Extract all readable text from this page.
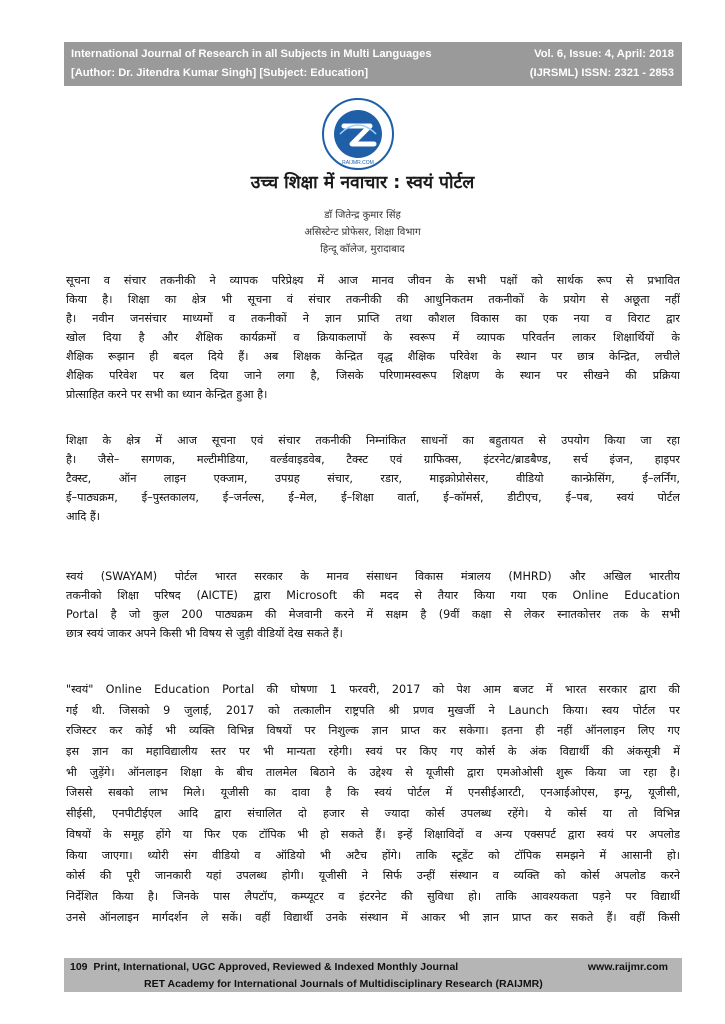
International Journal of Research in all Subjects in Multi Languages
[Author: Dr. Jitendra Kumar Singh] [Subject: Education]
Vol. 6, Issue: 4, April: 2018
(IJRSML) ISSN: 2321 - 2853
RAIJMR.COM
उच्च शिक्षा में नवाचार : स्वयं पोर्टल
डाॅ जितेन्द्र कुमार सिंह
असिस्टेन्ट प्रोफेसर, शिक्षा विभाग
हिन्दू कॉलेज, मुरादाबाद
सूचना व संचार तकनीकी ने व्यापक परिप्रेक्ष्य में आज मानव जीवन के सभी पक्षों को सार्थक रूप से प्रभावित
किया है। शिक्षा का क्षेत्र भी सूचना वं संचार तकनीकी की आधुनिकतम तकनीकों के प्रयोग से अछूता नहीं
है। नवीन जनसंचार माध्यमों व तकनीकों ने ज्ञान प्राप्ति तथा कौशल विकास का एक नया व विराट द्वार
खोल दिया है और शैक्षिक कार्यक्रमों व क्रियाकलापों के स्वरूप में व्यापक परिवर्तन लाकर शिक्षार्थियों के
शैक्षिक रूझान ही बदल दिये हैं। अब शिक्षक केन्द्रित वृद्ध शैक्षिक परिवेश के स्थान पर छात्र केन्द्रित, लचीले
शैक्षिक परिवेश पर बल दिया जाने लगा है, जिसके परिणामस्वरूप शिक्षण के स्थान पर सीखने की प्रक्रिया
प्रोत्साहित करने पर सभी का ध्यान केन्द्रित हुआ है।
शिक्षा के क्षेत्र में आज सूचना एवं संचार तकनीकी निम्नांकित साधनों का बहुतायत से उपयोग किया जा रहा
है। जैसे– सगणक, मल्टीमीडिया, वर्ल्डवाइडवेब, टैक्स्ट एवं ग्राफिक्स, इंटरनेट/ब्राडबैण्ड, सर्च इंजन, हाइपर
टैक्स्ट, ऑन लाइन एक्जाम, उपग्रह संचार, रडार, माइक्रोप्रोसेसर, वीडियो कान्फ्रेसिंग, ई–लर्निंग,
ई–पाठ्यक्रम, ई–पुस्तकालय, ई–जर्नल्स, ई–मेल, ई–शिक्षा वार्ता, ई–कॉमर्स, डीटीएच, ई–पब, स्वयं पोर्टल
आदि हैं।
स्वयं (SWAYAM) पोर्टल भारत सरकार के मानव संसाधन विकास मंत्रालय (MHRD) और अखिल भारतीय
तकनीको शिक्षा परिषद (AICTE) द्वारा Microsoft की मदद से तैयार किया गया एक Online Education
Portal है जो कुल 200 पाठ्यक्रम की मेजवानी करने में सक्षम है (9वीं कक्षा से लेकर स्नातकोत्तर तक के सभी
छात्र स्वयं जाकर अपने किसी भी विषय से जुड़ी वीडियों देख सकते हैं।
"स्वयं" Online Education Portal की घोषणा 1 फरवरी, 2017 को पेश आम बजट में भारत सरकार द्वारा की
गई थी. जिसको 9 जुलाई, 2017 को तत्कालीन राष्ट्रपति श्री प्रणव मुखर्जी ने Launch किया। स्वय पोर्टल पर
रजिस्टर कर कोई भी व्यक्ति विभिन्न विषयों पर निशुल्क ज्ञान प्राप्त कर सकेगा। इतना ही नहीं ऑनलाइन लिए गए
इस ज्ञान का महाविद्यालीय स्तर पर भी मान्यता रहेगी। स्वयं पर किए गए कोर्स के अंक विद्यार्थी की अंकसूत्री में
भी जुड़ेंगे। ऑनलाइन शिक्षा के बीच तालमेल बिठाने के उद्देश्य से यूजीसी द्वारा एमओओसी शुरू किया जा रहा है।
जिससे सबको लाभ मिले। यूजीसी का दावा है कि स्वयं पोर्टल में एनसीईआरटी, एनआईओएस, इग्नू, यूजीसी,
सीईसी, एनपीटीईएल आदि द्वारा संचालित दो हजार से ज्यादा कोर्स उपलब्ध रहेंगे। ये कोर्स या तो विभिन्न
विषयों के समूह होंगे या फिर एक टॉपिक भी हो सकते हैं। इन्हें शिक्षाविदों व अन्य एक्सपर्ट द्वारा स्वयं पर अपलोड
किया जाएगा। थ्योरी संग वीडियो व ऑडियो भी अटैच होंगे। ताकि स्टूडेंट को टॉपिक समझने में आसानी हो।
कोर्स की पूरी जानकारी यहां उपलब्ध होगी। यूजीसी ने सिर्फ उन्हीं संस्थान व व्यक्ति को कोर्स अपलोड करने
निर्देशित किया है। जिनके पास लैपटॉप, कम्प्यूटर व इंटरनेट की सुविधा हो। ताकि आवश्यकता पड़ने पर विद्यार्थी
उनसे ऑनलाइन मार्गदर्शन ले सकें। वहीं विद्यार्थी उनके संस्थान में आकर भी ज्ञान प्राप्त कर सकते हैं। वहीं किसी
109 Print, International, UGC Approved, Reviewed & Indexed Monthly Journal	www.raijmr.com
RET Academy for International Journals of Multidisciplinary Research (RAIJMR)
